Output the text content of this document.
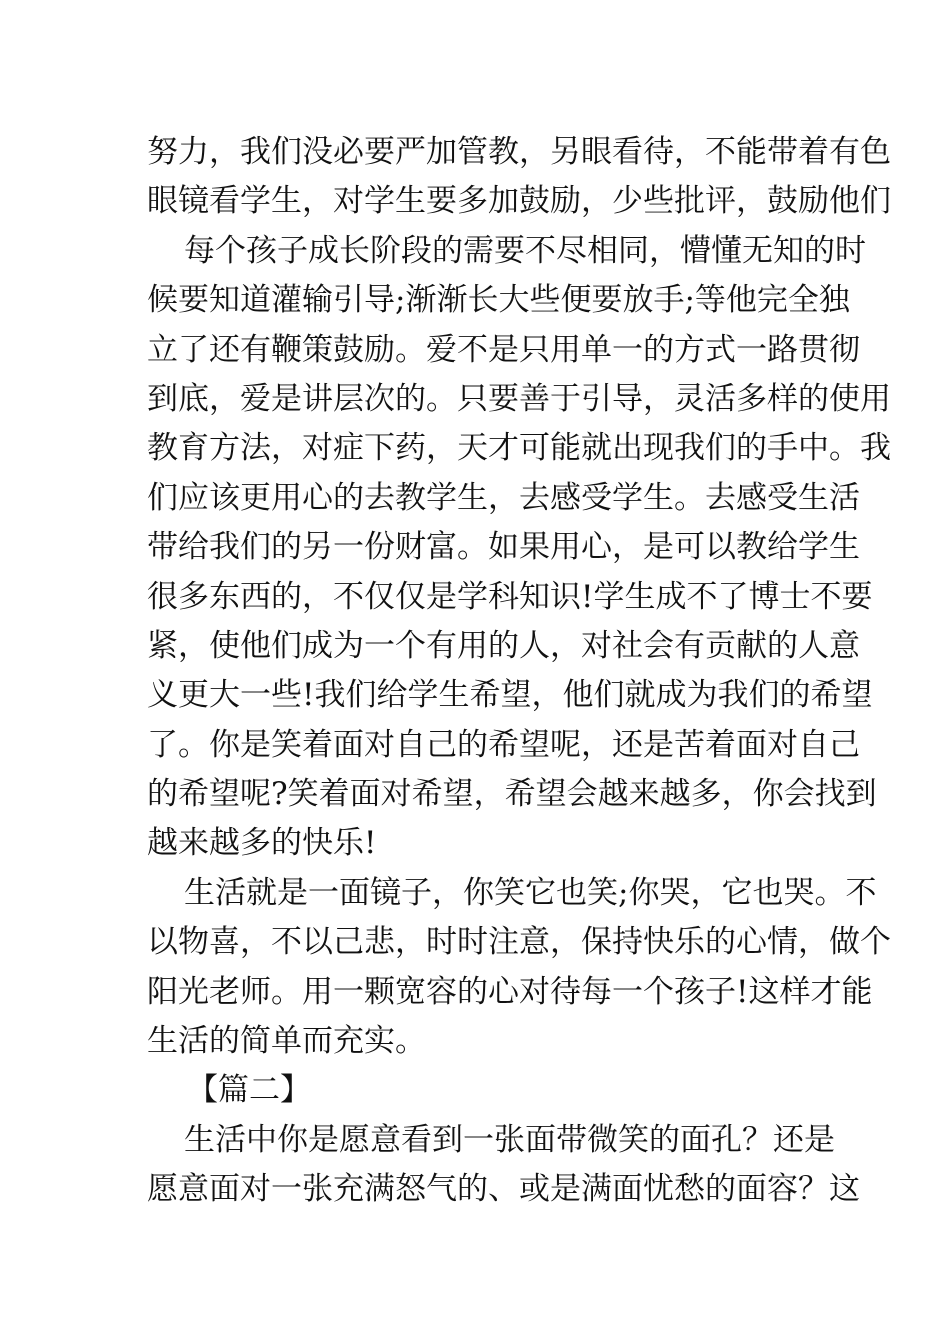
努力，我们没必要严加管教，另眼看待，不能带着有色
眼镜看学生，对学生要多加鼓励，少些批评，鼓励他们
每个孩子成长阶段的需要不尽相同，懵懂无知的时
候要知道灌输引导;渐渐长大些便要放手;等他完全独
立了还有鞭策鼓励。爱不是只用单一的方式一路贯彻
到底，爱是讲层次的。只要善于引导，灵活多样的使用
教育方法，对症下药，天才可能就出现我们的手中。我
们应该更用心的去教学生，去感受学生。去感受生活
带给我们的另一份财富。如果用心，是可以教给学生
很多东西的，不仅仅是学科知识!学生成不了博士不要
紧，使他们成为一个有用的人，对社会有贡献的人意
义更大一些!我们给学生希望，他们就成为我们的希望
了。你是笑着面对自己的希望呢，还是苦着面对自己
的希望呢?笑着面对希望，希望会越来越多，你会找到
越来越多的快乐!
生活就是一面镜子，你笑它也笑;你哭，它也哭。不
以物喜，不以己悲，时时注意，保持快乐的心情，做个
阳光老师。用一颗宽容的心对待每一个孩子!这样才能
生活的简单而充实。
【篇二】
生活中你是愿意看到一张面带微笑的面孔？还是
愿意面对一张充满怒气的、或是满面忧愁的面容？这
